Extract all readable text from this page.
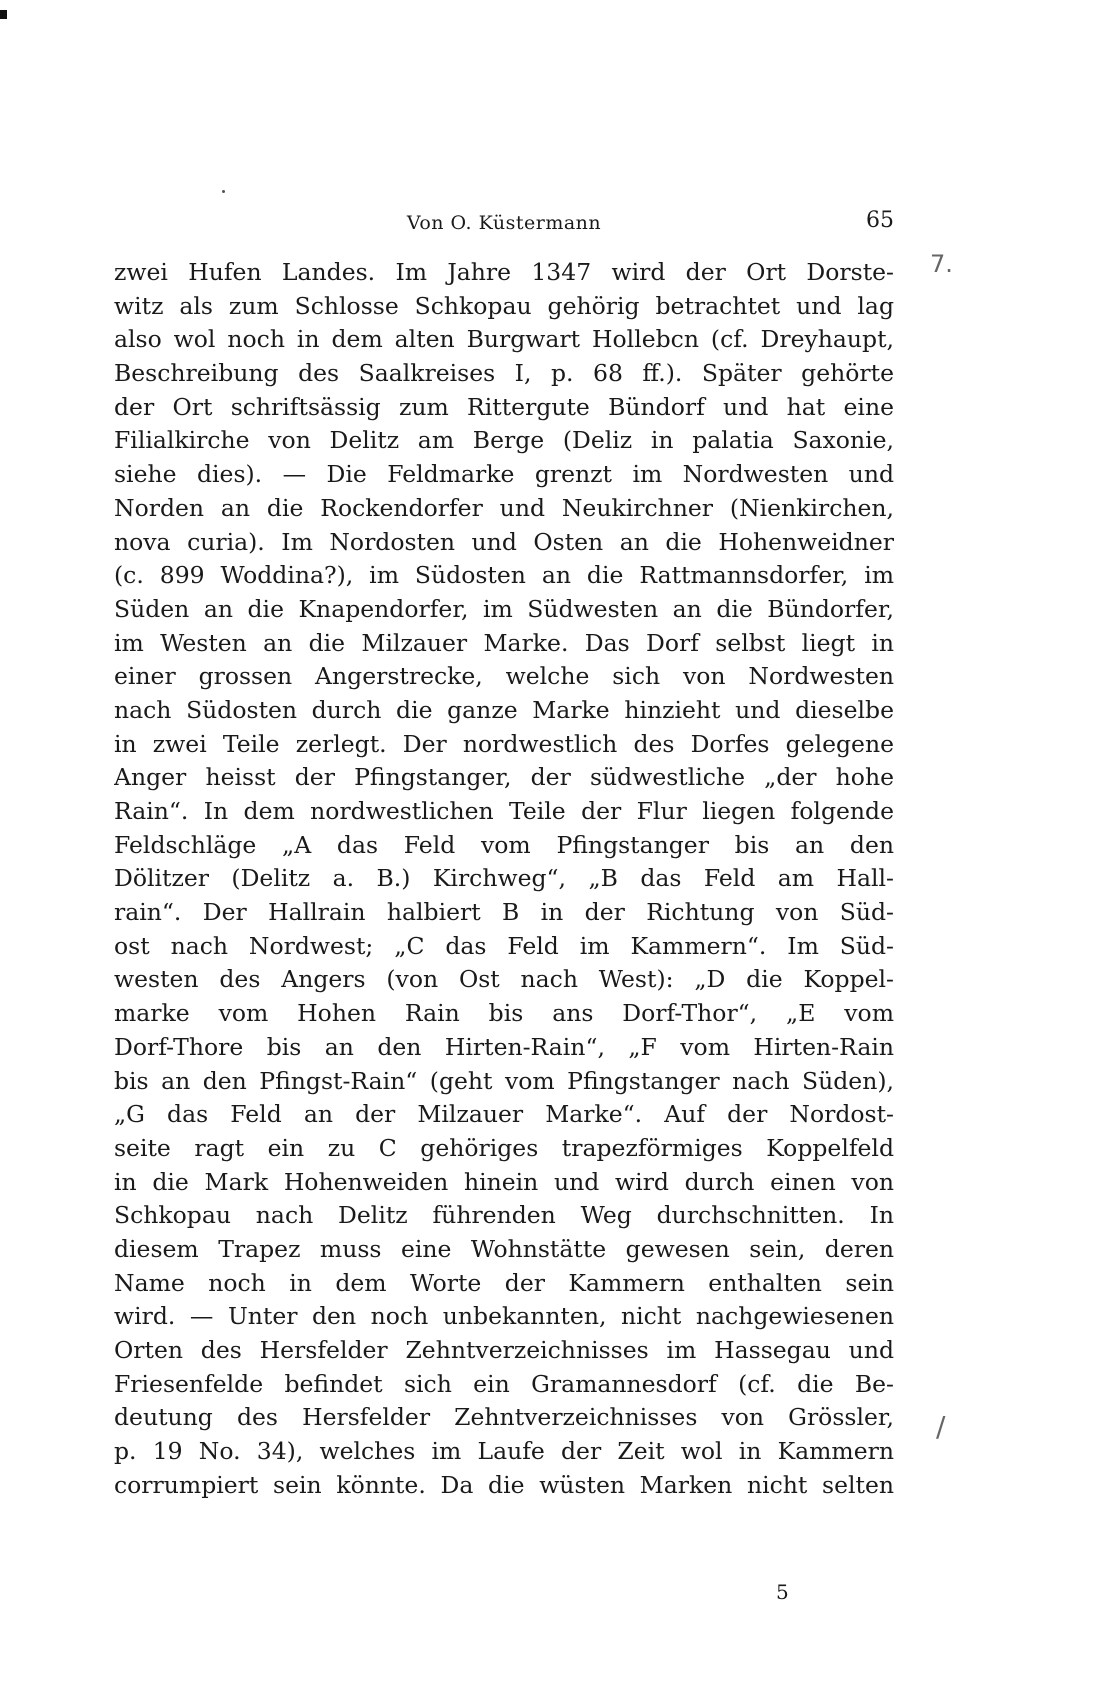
Von O. Küstermann	65
zwei Hufen Landes. Im Jahre 1347 wird der Ort Dorste-
witz als zum Schlosse Schkopau gehörig betrachtet und lag
also wol noch in dem alten Burgwart Hollebcn (cf. Dreyhaupt,
Beschreibung des Saalkreises I, p. 68 ff.). Später gehörte
der Ort schriftsässig zum Rittergute Bündorf und hat eine
Filialkirche von Delitz am Berge (Deliz in palatia Saxonie,
siehe dies). — Die Feldmarke grenzt im Nordwesten und
Norden an die Rockendorfer und Neukirchner (Nienkirchen,
nova curia). Im Nordosten und Osten an die Hohenweidner
(c. 899 Woddina?), im Südosten an die Rattmannsdorfer, im
Süden an die Knapendorfer, im Südwesten an die Bündorfer,
im Westen an die Milzauer Marke. Das Dorf selbst liegt in
einer grossen Angerstrecke, welche sich von Nordwesten
nach Südosten durch die ganze Marke hinzieht und dieselbe
in zwei Teile zerlegt. Der nordwestlich des Dorfes gelegene
Anger heisst der Pfingstanger, der südwestliche „der hohe
Rain“. In dem nordwestlichen Teile der Flur liegen folgende
Feldschläge „A das Feld vom Pfingstanger bis an den
Dölitzer (Delitz a. B.) Kirchweg“, „B das Feld am Hall-
rain“. Der Hallrain halbiert B in der Richtung von Süd-
ost nach Nordwest; „C das Feld im Kammern“. Im Süd-
westen des Angers (von Ost nach West): „D die Koppel-
marke vom Hohen Rain bis ans Dorf-Thor“, „E vom
Dorf-Thore bis an den Hirten-Rain“, „F vom Hirten-Rain
bis an den Pfingst-Rain“ (geht vom Pfingstanger nach Süden),
„G das Feld an der Milzauer Marke“. Auf der Nordost-
seite ragt ein zu C gehöriges trapezförmiges Koppelfeld
in die Mark Hohenweiden hinein und wird durch einen von
Schkopau nach Delitz führenden Weg durchschnitten. In
diesem Trapez muss eine Wohnstätte gewesen sein, deren
Name noch in dem Worte der Kammern enthalten sein
wird. — Unter den noch unbekannten, nicht nachgewiesenen
Orten des Hersfelder Zehntverzeichnisses im Hassegau und
Friesenfelde befindet sich ein Gramannesdorf (cf. die Be-
deutung des Hersfelder Zehntverzeichnisses von Grössler,
p. 19 No. 34), welches im Laufe der Zeit wol in Kammern
corrumpiert sein könnte. Da die wüsten Marken nicht selten
7.
/
5
